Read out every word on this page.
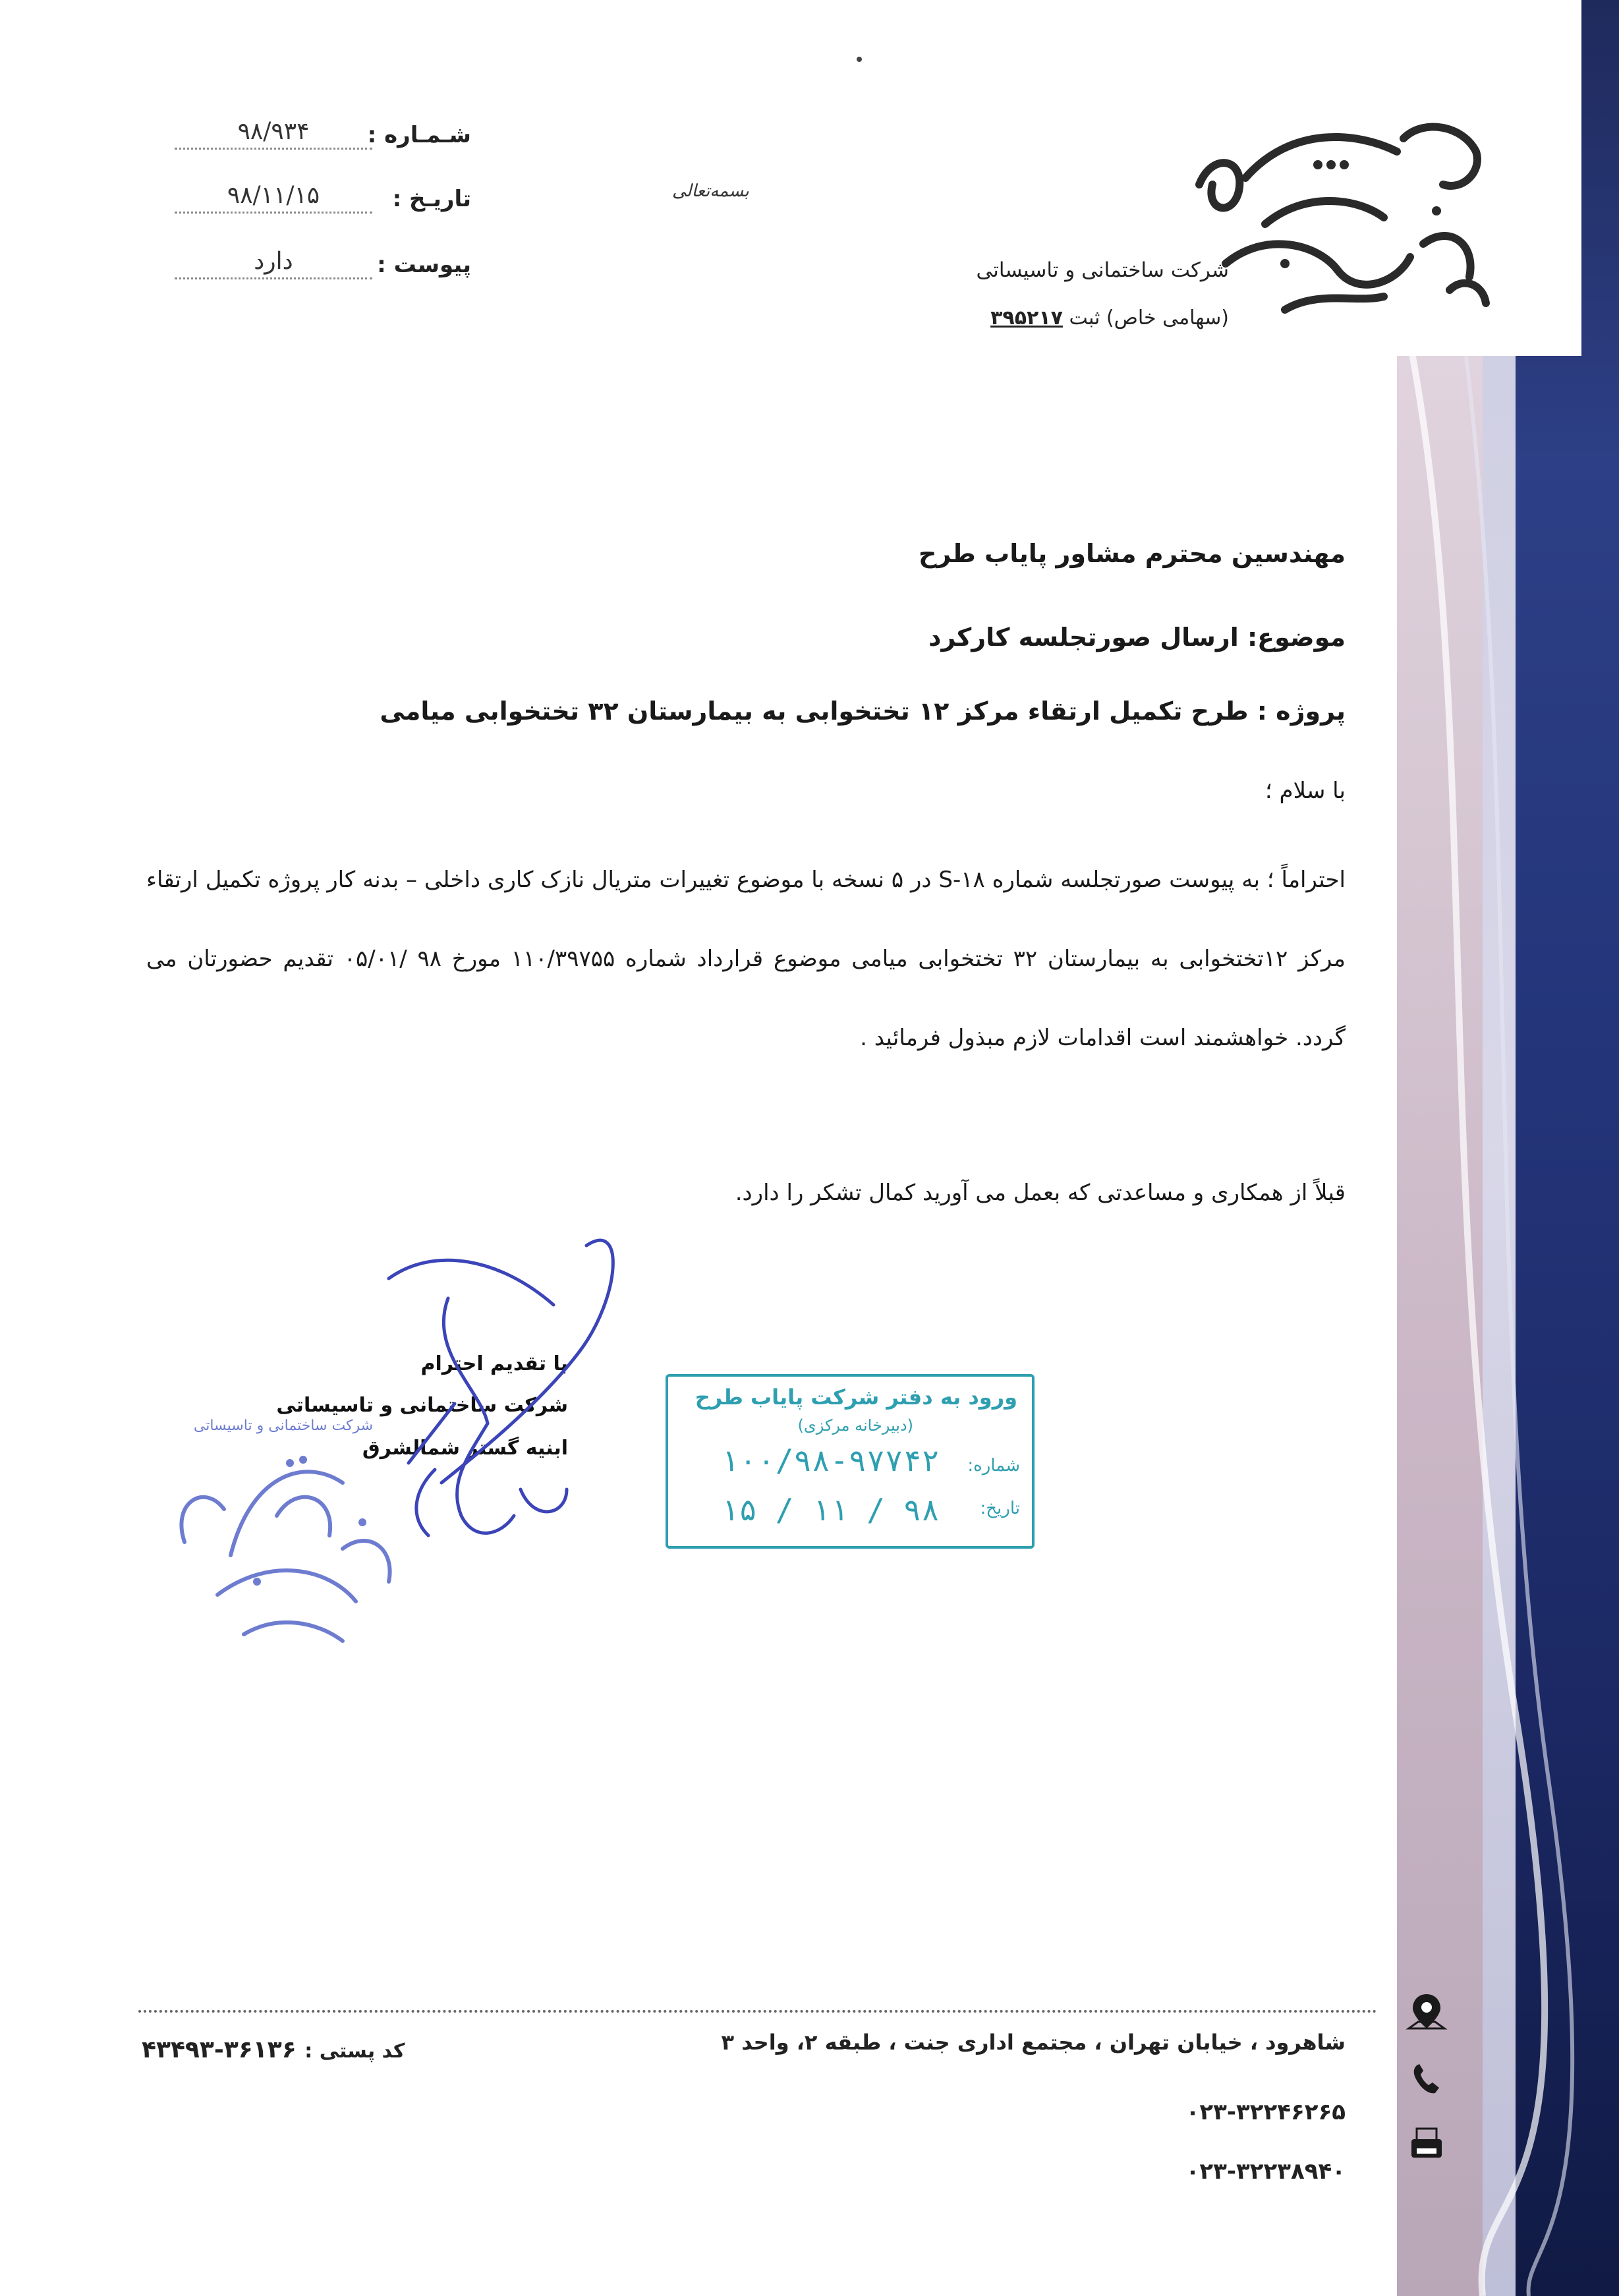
شرکت ساختمانی و تاسیساتی
(سهامی خاص) ثبت ۳۹۵۲۱۷
بسمه‌تعالی
شـمـاره :
۹۸/۹۳۴
تاریـخ :
۹۸/۱۱/۱۵
پیوست :
دارد
مهندسین محترم مشاور پایاب طرح
موضوع: ارسال صورتجلسه کارکرد
پروژه : طرح تکمیل ارتقاء مرکز ۱۲ تختخوابی به بیمارستان ۳۲ تختخوابی میامی
با سلام ؛
احتراماً ؛ به پیوست صورتجلسه شماره ۱۸-S در ۵ نسخه با موضوع تغییرات متریال نازک کاری داخلی – بدنه کار پروژه تکمیل ارتقاء مرکز ۱۲تختخوابی به بیمارستان ۳۲ تختخوابی میامی موضوع قرارداد شماره ۱۱۰/۳۹۷۵۵ مورخ ۹۸ /۰۵/۰۱ تقدیم حضورتان می گردد. خواهشمند است اقدامات لازم مبذول فرمائید .
قبلاً از همکاری و مساعدتی که بعمل می آورید کمال تشکر را دارد.
با تقدیم احترام
شرکت ساختمانی و تاسیساتی
ابنیه گستر شمالشرق
شرکت ساختمانی و تاسیساتی
ورود به دفتر شرکت پایاب طرح
(دبیرخانه مرکزی)
شماره:
تاریخ:
۱۰۰/۹۸-۹۷۷۴۲
۹۸ / ۱۱ / ۱۵
شاهرود ، خیابان تهران ، مجتمع اداری جنت ، طبقه ۲، واحد ۳
کد پستی : ۳۶۱۳۶-۴۳۴۹۳
۰۲۳-۳۲۲۴۶۲۶۵
۰۲۳-۳۲۲۳۸۹۴۰
